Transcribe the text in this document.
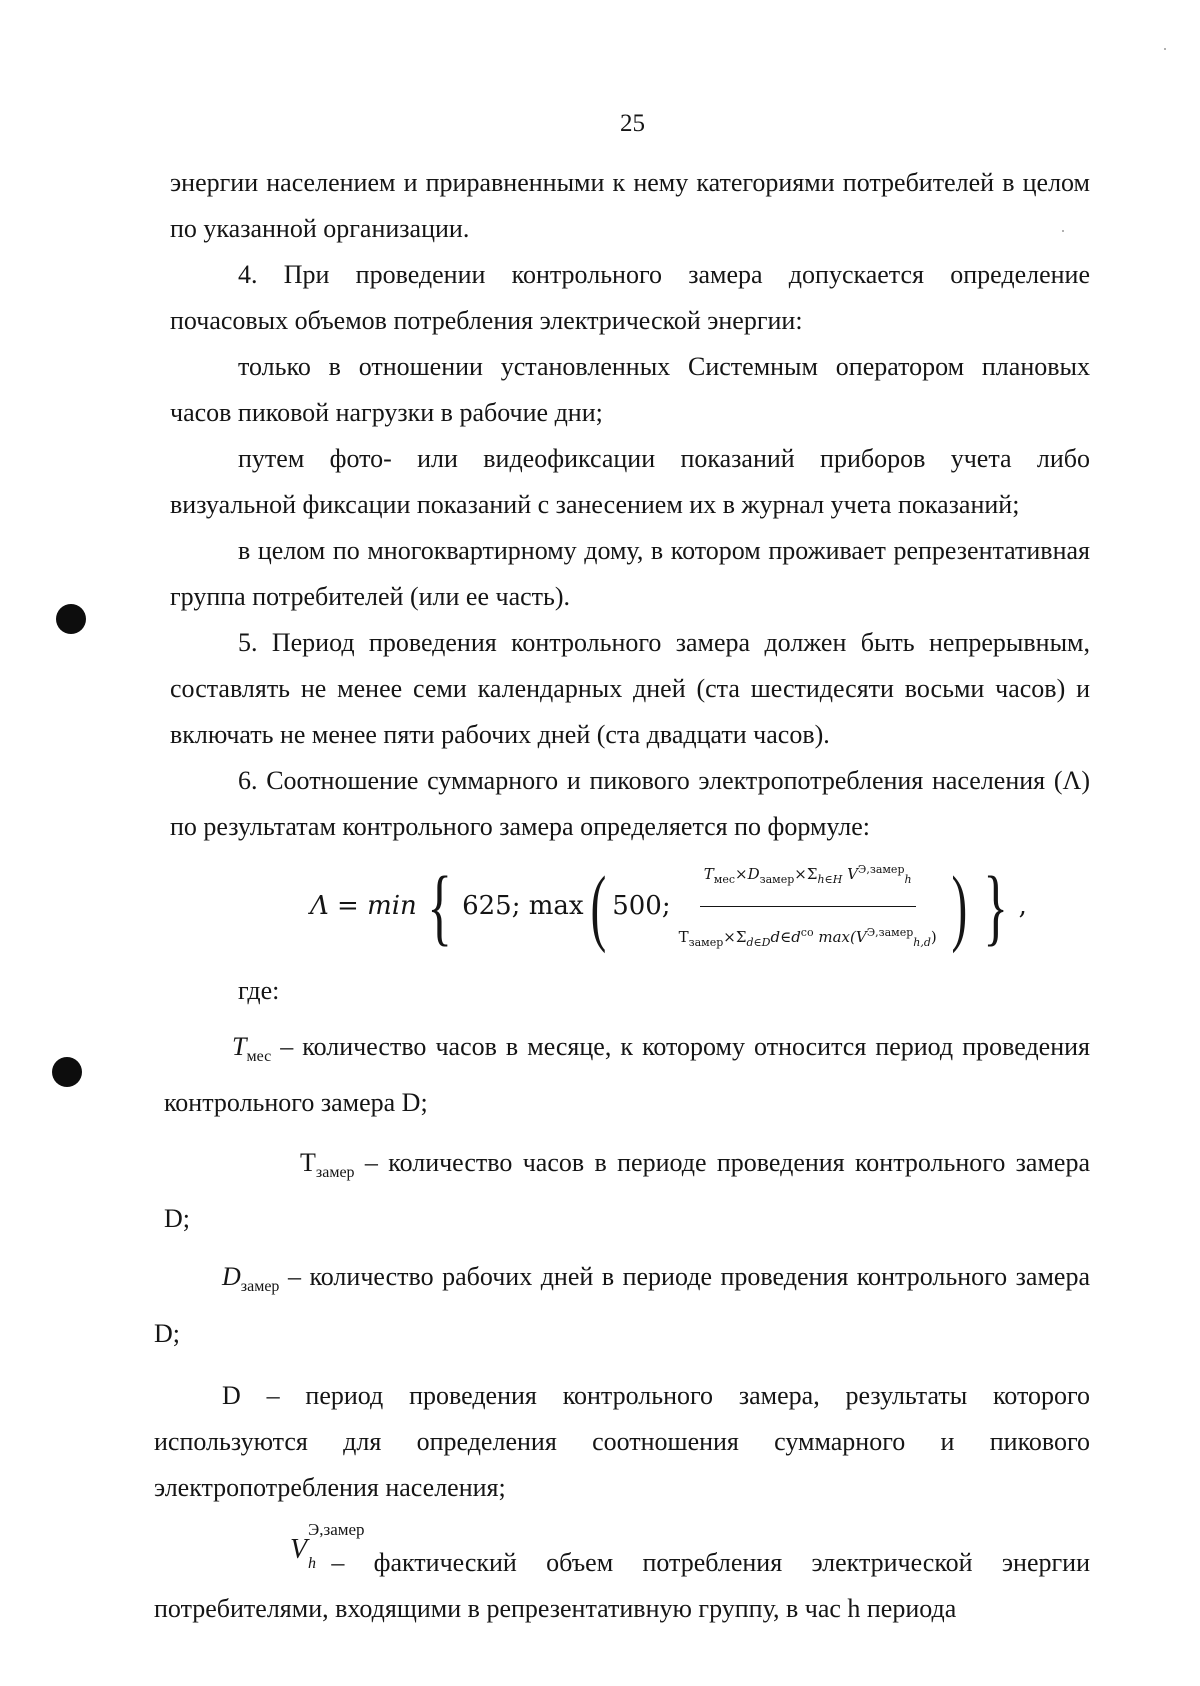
25

энергии населением и приравненными к нему категориями потребителей в целом по указанной организации.

4. При проведении контрольного замера допускается определение почасовых объемов потребления электрической энергии:

только в отношении установленных Системным оператором плановых часов пиковой нагрузки в рабочие дни;

путем фото- или видеофиксации показаний приборов учета либо визуальной фиксации показаний с занесением их в журнал учета показаний;

в целом по многоквартирному дому, в котором проживает репрезентативная группа потребителей (или ее часть).

5. Период проведения контрольного замера должен быть непрерывным, составлять не менее семи календарных дней (ста шестидесяти восьми часов) и включать не менее пяти рабочих дней (ста двадцати часов).

6. Соотношение суммарного и пикового электропотребления населения (Λ) по результатам контрольного замера определяется по формуле:

Λ = min { 625; max ( 500; $\frac{T_{мес}\times D_{замер}\times\Sigma_{h\in H} V^{Э,замер}_h}{T_{замер}\times\Sigma_{d\in D}d\in d^{со} \max(V^{Э,замер}_{h,d})}$ ) } ,

где:

$T_{мес}$ – количество часов в месяце, к которому относится период проведения контрольного замера D;

$T_{замер}$ – количество часов в периоде проведения контрольного замера D;

$D_{замер}$ – количество рабочих дней в периоде проведения контрольного замера D;

D – период проведения контрольного замера, результаты которого используются для определения соотношения суммарного и пикового электропотребления населения;

V
Э,замер
h – фактический объем потребления электрической энергии потребителями, входящими в репрезентативную группу, в час h периода
